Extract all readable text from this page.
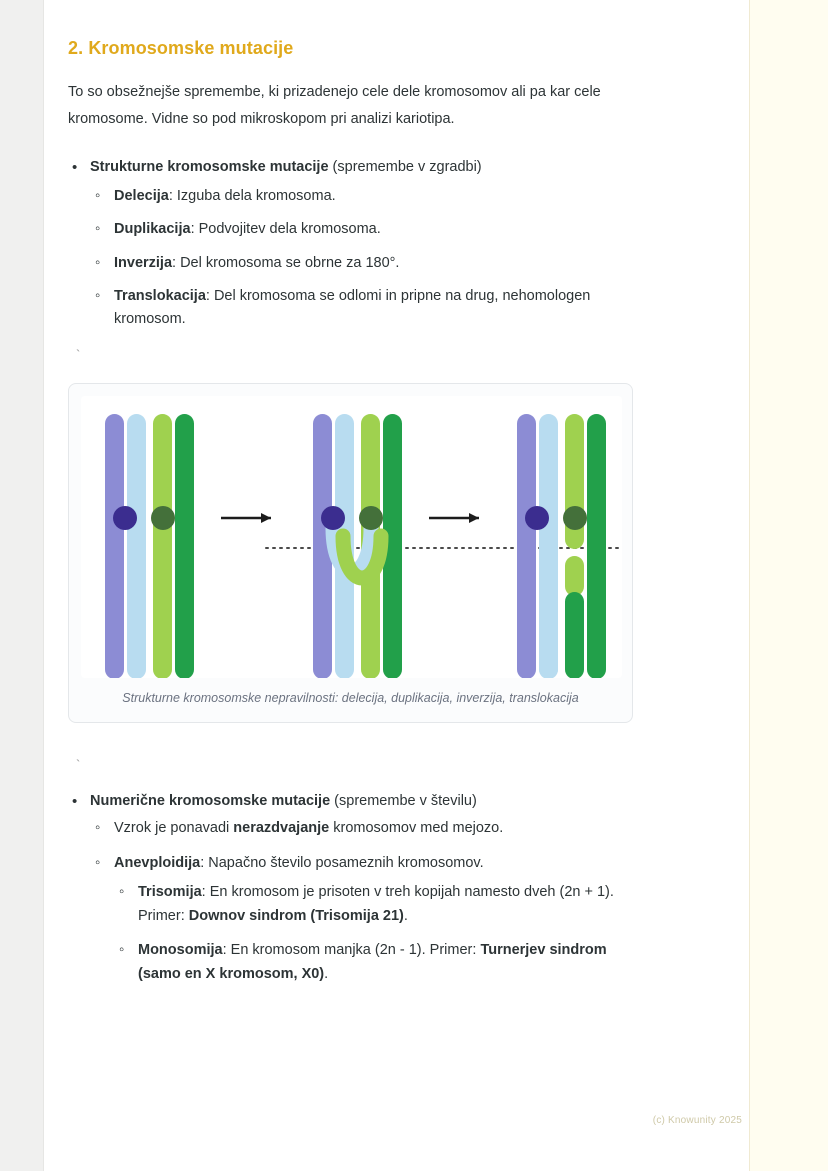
2. Kromosomske mutacije

To so obsežnejše spremembe, ki prizadenejo cele dele kromosomov ali pa kar cele kromosome. Vidne so pod mikroskopom pri analizi kariotipa.

• Strukturne kromosomske mutacije (spremembe v zgradbi)
◦ Delecija: Izguba dela kromosoma.
◦ Duplikacija: Podvojitev dela kromosoma.
◦ Inverzija: Del kromosoma se obrne za 180°.
◦ Translokacija: Del kromosoma se odlomi in pripne na drug, nehomologen kromosom.
`
Strukturne kromosomske nepravilnosti: delecija, duplikacija, inverzija, translokacija
`
• Numerične kromosomske mutacije (spremembe v številu)
◦ Vzrok je ponavadi nerazdvajanje kromosomov med mejozo.
◦ Anevploidija: Napačno število posameznih kromosomov.
◦ Trisomija: En kromosom je prisoten v treh kopijah namesto dveh (2n + 1). Primer: Downov sindrom (Trisomija 21).
◦ Monosomija: En kromosom manjka (2n - 1). Primer: Turnerjev sindrom (samo en X kromosom, X0).
(c) Knowunity 2025
